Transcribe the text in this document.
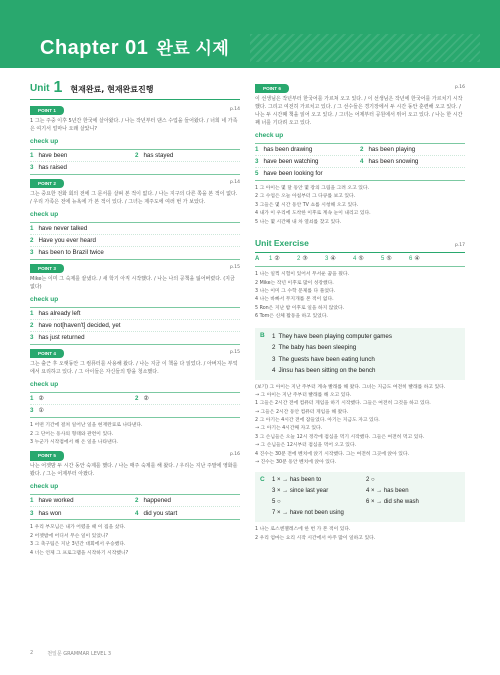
Chapter 01 완료 시제
Unit 1 현재완료, 현재완료진행
POINT 1	p.14
1 그는 주중 이후 5년간 한국에 살아왔다. / 나는 작년부터 댄스 수업을 들어왔다. / 너희 네 가족은 여기서 얼마나 오래 살았니?
check up
1 have been	2 has stayed
3 has raised
POINT 2	p.14
그는 중요한 전화 회의 전에 그 문서를 살펴 본 적이 없다. / 나는 지구의 다른 쪽을 본 적이 없다. / 우리 가족은 전에 뉴욕에 가 본 적이 있다. / 그녀는 제주도에 여러 번 가 보았다.
check up
1 have never talked
2 Have you ever heard
3 has been to Brazil twice
POINT 3	p.15
Mike는 이미 그 숙제를 끝냈다. / 새 학기 아직 시작했다. / 나는 나의 공책을 잃어버렸다. (지금 없다)
check up
1 has already left
2 have not[haven't] decided, yet
3 has just returned
POINT 4	p.15
그는 출근 후 오랫동안 그 컴퓨터를 사용해 왔다. / 나는 지금 이 책을 다 읽었다. / 아버지는 부엌에서 요리하고 있다. / 그 아이들은 자신들의 방을 청소했다.
check up
1 ②	2 ②
3 ①
1 어떤 기간에 걸쳐 일어난 일을 현재완료로 나타낸다.
2 그 단어는 동사의 형태와 관련이 있다.
3 누군가 시작점에서 해 온 일을 나타낸다.
POINT 5	p.16
나는 어젯밤 두 시간 동안 숙제를 했다. / 나는 매주 숙제를 해 왔다. / 우리는 지난 주말에 영화를 봤다. / 그는 어제부터 아팠다.
check up
1 have worked	2 happened
3 has won	4 did you start
1 우리 부모님은 내가 어렸을 때 이 집을 샀다.
2 어젯밤에 어디서 무슨 일이 있었니?
3 그 축구팀은 지난 3년간 대회에서 우승했다.
4 너는 언제 그 프로그램을 시작하기 시작했니?
POINT 6	p.16
이 선생님은 작년부터 한국어를 가르쳐 오고 있다. / 이 선생님은 작년에 한국어를 가르치기 시작했다. 그리고 여전히 가르치고 있다. / 그 선수들은 경기장에서 두 시간 동안 훈련해 오고 있다. / 나는 두 시간째 책을 읽어 오고 있다. / 그녀는 어제부터 공원에서 뛰어 오고 있다. / 나는 한 시간째 너를 기다려 오고 있다.
check up
1 has been drawing	2 has been playing
3 have been watching	4 has been snowing
5 have been looking for
1 그 아이는 몇 달 동안 몇 장의 그림을 그려 오고 있다.
2 그 수업은 오늘 아침부터 그 다큐를 보고 있다.
3 그들은 몇 시간 동안 TV 쇼를 시청해 오고 있다.
4 내가 이 우리에 도착한 이후로 계속 눈이 내리고 있다.
5 나는 몇 시간째 내 차 열쇠를 찾고 있다.
Unit Exercise	p.17
A	1 ②	2 ③	3 ④	4 ⑤	5 ⑤	6 ④
1 나는 일찍 시험이 있어서 무서운 꿈을 꿨다.
2 Mike는 작년 이후로 많이 성장했다.
3 나는 이미 그 수학 문제를 다 풀었다.
4 나는 바빠서 무지개를 본 적이 없다.
5 Ron은 지난 밤 이후로 일을 하지 않았다.
6 Tom은 신체 활동을 하고 있었다.
B	1 They have been playing computer games
2 The baby has been sleeping
3 The guests have been eating lunch
4 Jinsu has been sitting on the bench
(보기) 그 아이는 지난 주부터 계속 빨래를 해 왔다. 그녀는 지금도 여전히 빨래를 하고 있다.
→ 그 아이는 지난 주부터 빨래를 해 오고 있다.
1 그들은 2시간 전에 컴퓨터 게임을 하기 시작했다. 그들은 여전히 그것을 하고 있다.
→ 그들은 2시간 동안 컴퓨터 게임을 해 왔다.
2 그 아기는 4시간 전에 잠들었다. 아기는 지금도 자고 있다.
→ 그 아기는 4시간째 자고 있다.
3 그 손님들은 오늘 12시 정각에 점심을 먹기 시작했다. 그들은 여전히 먹고 있다.
→ 그 손님들은 12시부터 점심을 먹어 오고 있다.
4 진수는 30분 전에 벤치에 앉기 시작했다. 그는 여전히 그곳에 앉아 있다.
→ 진수는 30분 동안 벤치에 앉아 있다.
C	1 × → has been to	2 ○
3 × → since last year	4 × → has been
5 ○	6 × → did she wash
7 × → have not been using
1 나는 로스엔젤레스에 한 번 가 본 적이 있다.
2 우리 엄마는 요리 시작 시간에서 아주 많이 일하고 있다.
2	천일문 GRAMMAR LEVEL 3
